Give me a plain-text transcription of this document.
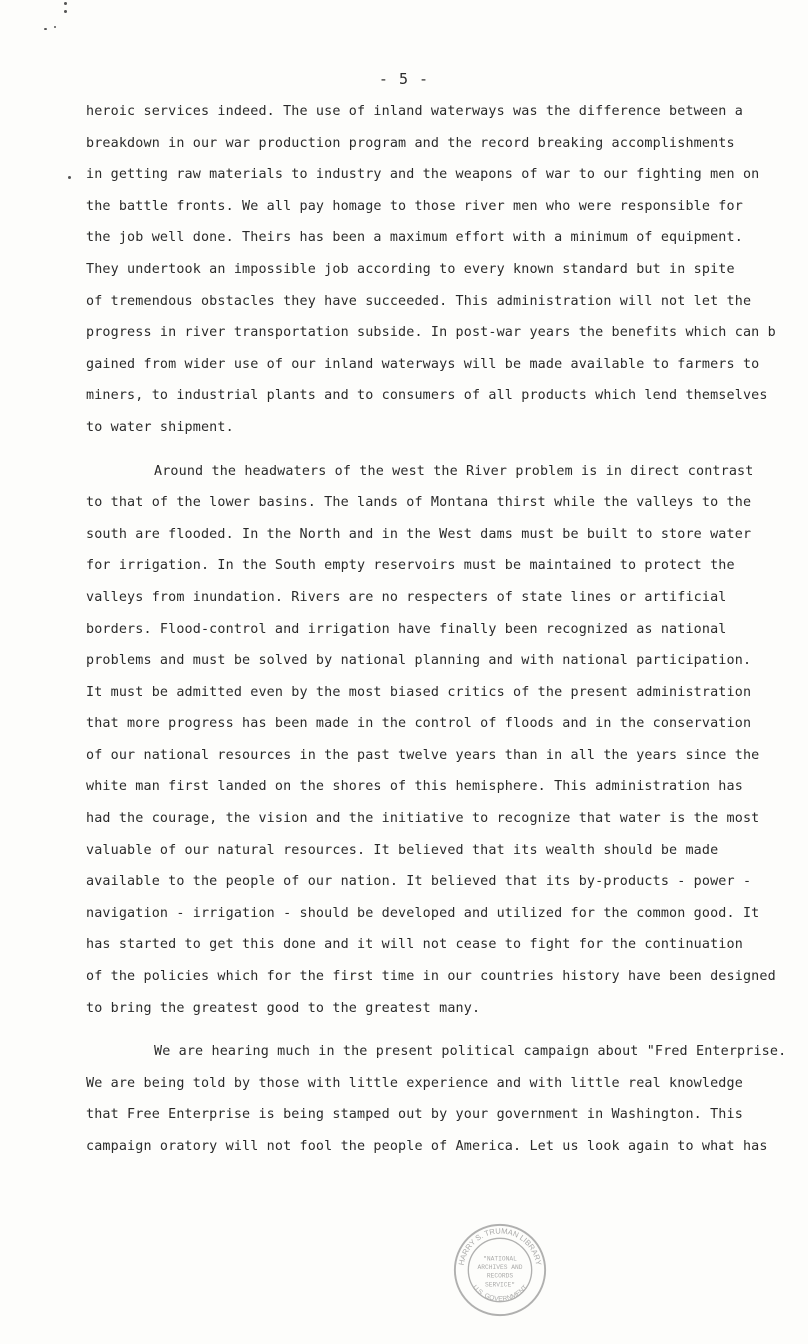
- 5 -
heroic services indeed. The use of inland waterways was the difference between a
breakdown in our war production program and the record breaking accomplishments
in getting raw materials to industry and the weapons of war to our fighting men on
the battle fronts. We all pay homage to those river men who were responsible for
the job well done. Theirs has been a maximum effort with a minimum of equipment.
They undertook an impossible job according to every known standard but in spite
of tremendous obstacles they have succeeded. This administration will not let the
progress in river transportation subside. In post-war years the benefits which can b
gained from wider use of our inland waterways will be made available to farmers to
miners, to industrial plants and to consumers of all products which lend themselves
to water shipment.
Around the headwaters of the west the River problem is in direct contrast
to that of the lower basins. The lands of Montana thirst while the valleys to the
south are flooded. In the North and in the West dams must be built to store water
for irrigation. In the South empty reservoirs must be maintained to protect the
valleys from inundation. Rivers are no respecters of state lines or artificial
borders. Flood-control and irrigation have finally been recognized as national
problems and must be solved by national planning and with national participation.
It must be admitted even by the most biased critics of the present administration
that more progress has been made in the control of floods and in the conservation
of our national resources in the past twelve years than in all the years since the
white man first landed on the shores of this hemisphere. This administration has
had the courage, the vision and the initiative to recognize that water is the most
valuable of our natural resources. It believed that its wealth should be made
available to the people of our nation. It believed that its by-products - power -
navigation - irrigation - should be developed and utilized for the common good. It
has started to get this done and it will not cease to fight for the continuation
of the policies which for the first time in our countries history have been designed
to bring the greatest good to the greatest many.
We are hearing much in the present political campaign about "Fred Enterprise.
We are being told by those with little experience and with little real knowledge
that Free Enterprise is being stamped out by your government in Washington. This
campaign oratory will not fool the people of America. Let us look again to what has
HARRY S. TRUMAN LIBRARY
U.S. GOVERNMENT
"NATIONAL
ARCHIVES AND
RECORDS
SERVICE"
